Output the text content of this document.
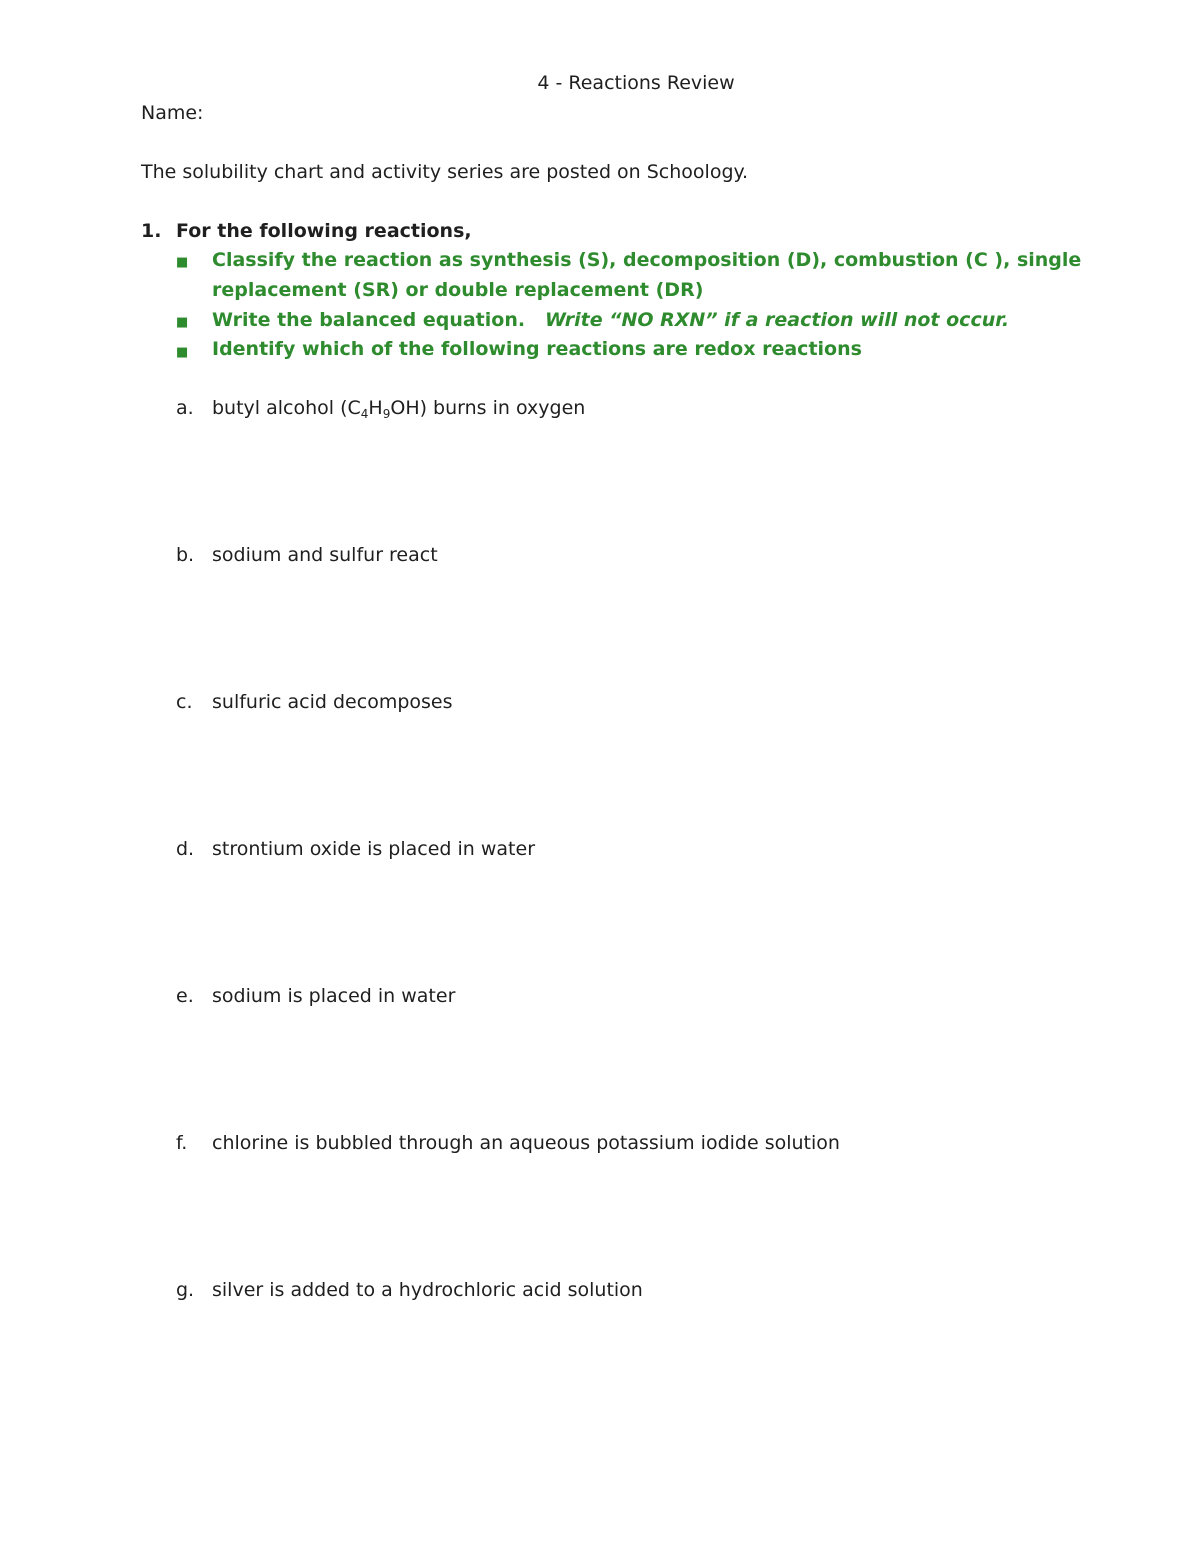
4 - Reactions Review
Name:
The solubility chart and activity series are posted on Schoology.
1. For the following reactions,
■ Classify the reaction as synthesis (S), decomposition (D), combustion (C ), single
replacement (SR) or double replacement (DR)
■ Write the balanced equation. Write “NO RXN” if a reaction will not occur.
■ Identify which of the following reactions are redox reactions
a. butyl alcohol $(C_4H_9OH)$ burns in oxygen
b. sodium and sulfur react
c. sulfuric acid decomposes
d. strontium oxide is placed in water
e. sodium is placed in water
f. chlorine is bubbled through an aqueous potassium iodide solution
g. silver is added to a hydrochloric acid solution
